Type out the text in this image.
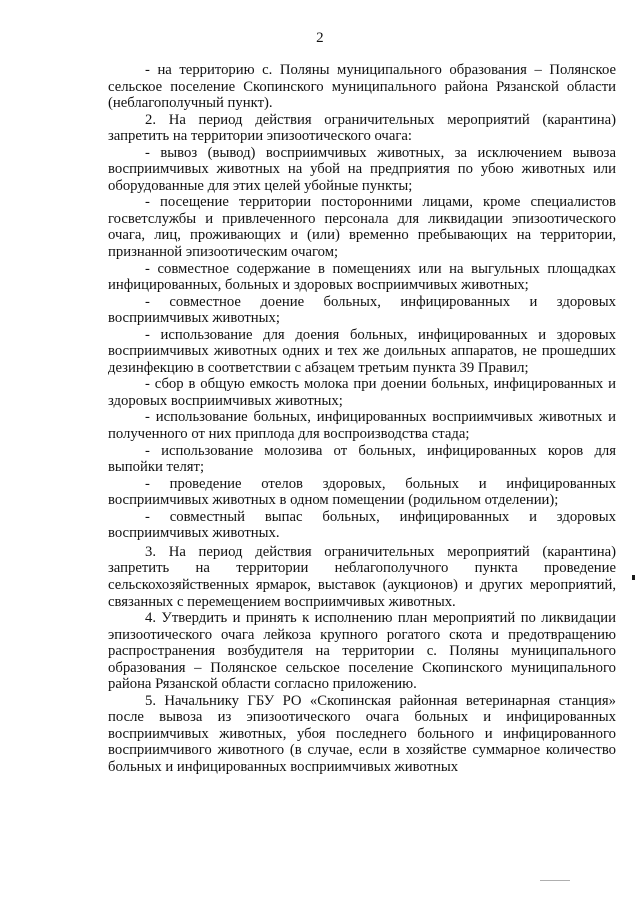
2

- на территорию с. Поляны муниципального образования – Полянское сельское поселение Скопинского муниципального района Рязанской области (неблагополучный пункт).

2. На период действия ограничительных мероприятий (карантина) запретить на территории эпизоотического очага:

- вывоз (вывод) восприимчивых животных, за исключением вывоза восприимчивых животных на убой на предприятия по убою животных или оборудованные для этих целей убойные пункты;

- посещение территории посторонними лицами, кроме специалистов госветслужбы и привлеченного персонала для ликвидации эпизоотического очага, лиц, проживающих и (или) временно пребывающих на территории, признанной эпизоотическим очагом;

- совместное содержание в помещениях или на выгульных площадках инфицированных, больных и здоровых восприимчивых животных;

- совместное доение больных, инфицированных и здоровых восприимчивых животных;

- использование для доения больных, инфицированных и здоровых восприимчивых животных одних и тех же доильных аппаратов, не прошедших дезинфекцию в соответствии с абзацем третьим пункта 39 Правил;

- сбор в общую емкость молока при доении больных, инфицированных и здоровых восприимчивых животных;

- использование больных, инфицированных восприимчивых животных и полученного от них приплода для воспроизводства стада;

- использование молозива от больных, инфицированных коров для выпойки телят;

- проведение отелов здоровых, больных и инфицированных восприимчивых животных в одном помещении (родильном отделении);

- совместный выпас больных, инфицированных и здоровых восприимчивых животных.

3. На период действия ограничительных мероприятий (карантина) запретить на территории неблагополучного пункта проведение сельскохозяйственных ярмарок, выставок (аукционов) и других мероприятий, связанных с перемещением восприимчивых животных.

4. Утвердить и принять к исполнению план мероприятий по ликвидации эпизоотического очага лейкоза крупного рогатого скота и предотвращению распространения возбудителя на территории с. Поляны муниципального образования – Полянское сельское поселение Скопинского муниципального района Рязанской области согласно приложению.

5. Начальнику ГБУ РО «Скопинская районная ветеринарная станция» после вывоза из эпизоотического очага больных и инфицированных восприимчивых животных, убоя последнего больного и инфицированного восприимчивого животного (в случае, если в хозяйстве суммарное количество больных и инфицированных восприимчивых животных
